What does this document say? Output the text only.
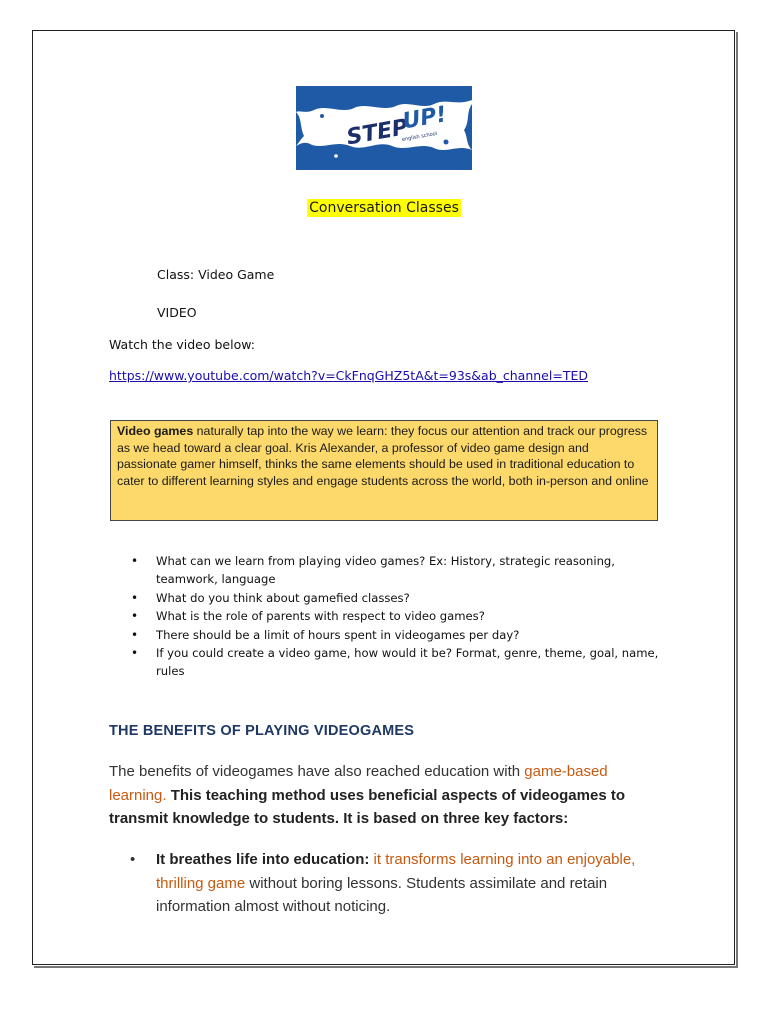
STEP
UP!
english school
Conversation Classes
Class: Video Game
VIDEO
Watch the video below:
https://www.youtube.com/watch?v=CkFnqGHZ5tA&t=93s&ab_channel=TED
Video games naturally tap into the way we learn: they focus our attention and track our progress as we head toward a clear goal. Kris Alexander, a professor of video game design and passionate gamer himself, thinks the same elements should be used in traditional education to cater to different learning styles and engage students across the world, both in-person and online
• What can we learn from playing video games? Ex: History, strategic reasoning, teamwork, language
• What do you think about gamefied classes?
• What is the role of parents with respect to video games?
• There should be a limit of hours spent in videogames per day?
• If you could create a video game, how would it be? Format, genre, theme, goal, name, rules
THE BENEFITS OF PLAYING VIDEOGAMES
The benefits of videogames have also reached education with game-based learning. This teaching method uses beneficial aspects of videogames to transmit knowledge to students. It is based on three key factors:
• It breathes life into education: it transforms learning into an enjoyable, thrilling game without boring lessons. Students assimilate and retain information almost without noticing.
